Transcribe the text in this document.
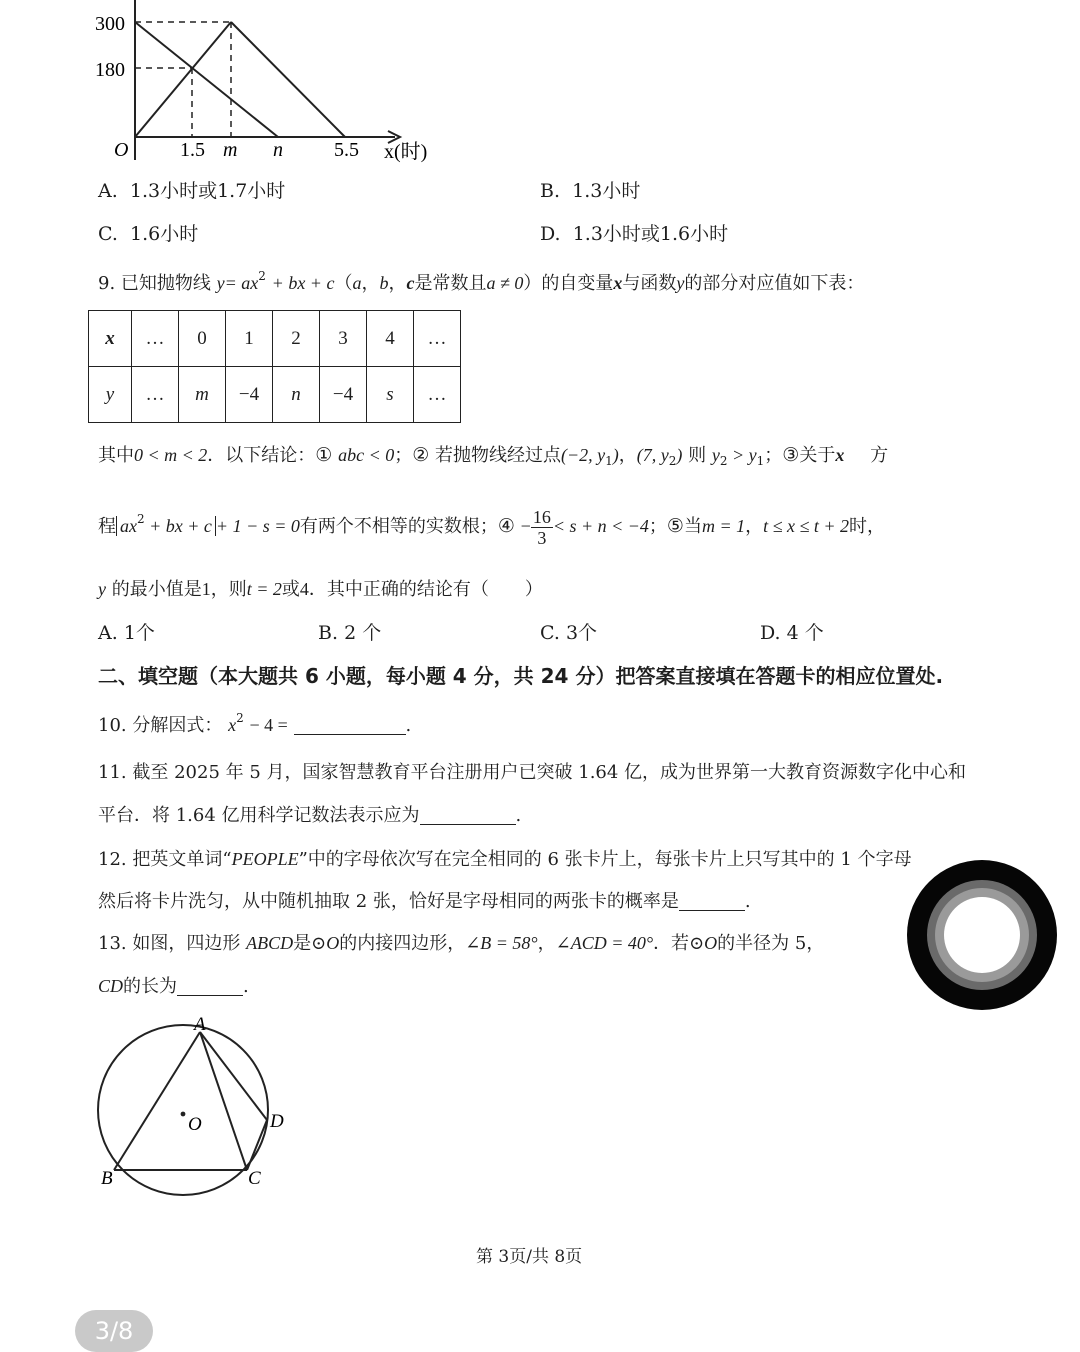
300
180
O	1.5 m n	5.5 x(时)
A. 1.3小时或1.7小时	B. 1.3小时
C. 1.6小时	D. 1.3小时或1.6小时
9. 已知抛物线 $y= ax^2$ + bx + c（a，b，c是常数且a ≠ 0）的自变量x与函数y的部分对应值如下表：
x	…	0	1	2	3	4	…
y	…	m	−4	n	−4	s	…
其中0 < m < 2．以下结论：① abc < 0；② 若抛物线经过点(−2, $y_1$)，(7, $y_2$) 则 $y_2 > y_1$；③关于x 方
程 $ax^2$ + bx + c + 1 − s = 0有两个不相等的实数根；④ − $\frac{16}{3} < s + n < -4$；⑤当m = 1，t ≤ x ≤ t + 2时，
y 的最小值是1，则t = 2或4．其中正确的结论有（　　）
A. 1个	B. 2 个	C. 3个	D. 4 个
二、填空题（本大题共 6 小题，每小题 4 分，共 24 分）把答案直接填在答题卡的相应位置处.
10. 分解因式： $x^2 - 4$ =	.
11. 截至 2025 年 5 月，国家智慧教育平台注册用户已突破 1.64 亿，成为世界第一大教育资源数字化中心和
平台．将 1.64 亿用科学记数法表示应为	.
12. 把英文单词“PEOPLE”中的字母依次写在完全相同的 6 张卡片上，每张卡片上只写其中的 1 个字母
然后将卡片洗匀，从中随机抽取 2 张，恰好是字母相同的两张卡的概率是	.
13. 如图，四边形 ABCD是⊙O的内接四边形，∠B = 58°，∠ACD = 40°．若⊙O的半径为 5，
CD的长为	.
A
B	C
D
O
第 3页/共 8页
3/8
